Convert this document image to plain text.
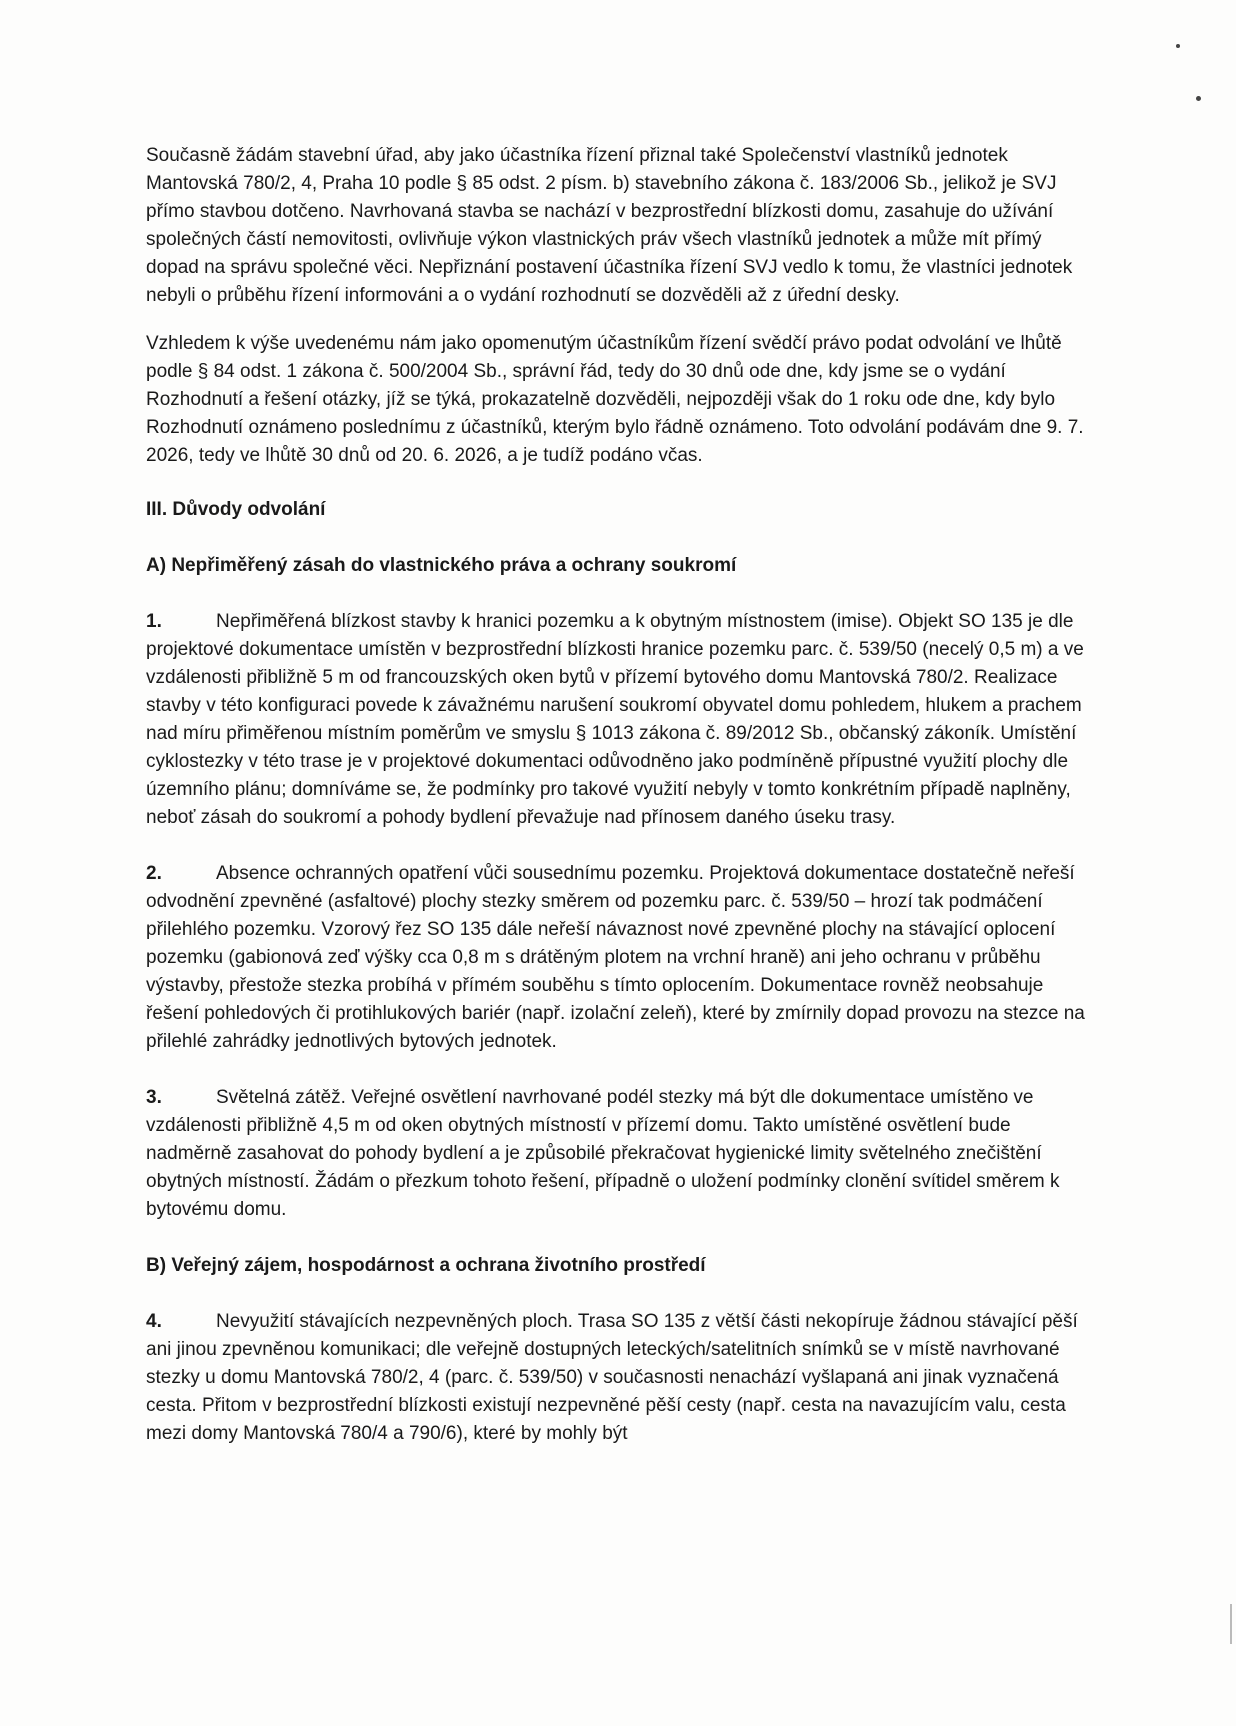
Současně žádám stavební úřad, aby jako účastníka řízení přiznal také Společenství vlastníků jednotek Mantovská 780/2, 4, Praha 10 podle § 85 odst. 2 písm. b) stavebního zákona č. 183/2006 Sb., jelikož je SVJ přímo stavbou dotčeno. Navrhovaná stavba se nachází v bezprostřední blízkosti domu, zasahuje do užívání společných částí nemovitosti, ovlivňuje výkon vlastnických práv všech vlastníků jednotek a může mít přímý dopad na správu společné věci. Nepřiznání postavení účastníka řízení SVJ vedlo k tomu, že vlastníci jednotek nebyli o průběhu řízení informováni a o vydání rozhodnutí se dozvěděli až z úřední desky.

Vzhledem k výše uvedenému nám jako opomenutým účastníkům řízení svědčí právo podat odvolání ve lhůtě podle § 84 odst. 1 zákona č. 500/2004 Sb., správní řád, tedy do 30 dnů ode dne, kdy jsme se o vydání Rozhodnutí a řešení otázky, jíž se týká, prokazatelně dozvěděli, nejpozději však do 1 roku ode dne, kdy bylo Rozhodnutí oznámeno poslednímu z účastníků, kterým bylo řádně oznámeno. Toto odvolání podávám dne 9. 7. 2026, tedy ve lhůtě 30 dnů od 20. 6. 2026, a je tudíž podáno včas.

III. Důvody odvolání

A) Nepřiměřený zásah do vlastnického práva a ochrany soukromí

1.	Nepřiměřená blízkost stavby k hranici pozemku a k obytným místnostem (imise). Objekt SO 135 je dle projektové dokumentace umístěn v bezprostřední blízkosti hranice pozemku parc. č. 539/50 (necelý 0,5 m) a ve vzdálenosti přibližně 5 m od francouzských oken bytů v přízemí bytového domu Mantovská 780/2. Realizace stavby v této konfiguraci povede k závažnému narušení soukromí obyvatel domu pohledem, hlukem a prachem nad míru přiměřenou místním poměrům ve smyslu § 1013 zákona č. 89/2012 Sb., občanský zákoník. Umístění cyklostezky v této trase je v projektové dokumentaci odůvodněno jako podmíněně přípustné využití plochy dle územního plánu; domníváme se, že podmínky pro takové využití nebyly v tomto konkrétním případě naplněny, neboť zásah do soukromí a pohody bydlení převažuje nad přínosem daného úseku trasy.

2.	Absence ochranných opatření vůči sousednímu pozemku. Projektová dokumentace dostatečně neřeší odvodnění zpevněné (asfaltové) plochy stezky směrem od pozemku parc. č. 539/50 – hrozí tak podmáčení přilehlého pozemku. Vzorový řez SO 135 dále neřeší návaznost nové zpevněné plochy na stávající oplocení pozemku (gabionová zeď výšky cca 0,8 m s drátěným plotem na vrchní hraně) ani jeho ochranu v průběhu výstavby, přestože stezka probíhá v přímém souběhu s tímto oplocením. Dokumentace rovněž neobsahuje řešení pohledových či protihlukových bariér (např. izolační zeleň), které by zmírnily dopad provozu na stezce na přilehlé zahrádky jednotlivých bytových jednotek.

3.	Světelná zátěž. Veřejné osvětlení navrhované podél stezky má být dle dokumentace umístěno ve vzdálenosti přibližně 4,5 m od oken obytných místností v přízemí domu. Takto umístěné osvětlení bude nadměrně zasahovat do pohody bydlení a je způsobilé překračovat hygienické limity světelného znečištění obytných místností. Žádám o přezkum tohoto řešení, případně o uložení podmínky clonění svítidel směrem k bytovému domu.

B) Veřejný zájem, hospodárnost a ochrana životního prostředí

4.	Nevyužití stávajících nezpevněných ploch. Trasa SO 135 z větší části nekopíruje žádnou stávající pěší ani jinou zpevněnou komunikaci; dle veřejně dostupných leteckých/satelitních snímků se v místě navrhované stezky u domu Mantovská 780/2, 4 (parc. č. 539/50) v současnosti nenachází vyšlapaná ani jinak vyznačená cesta. Přitom v bezprostřední blízkosti existují nezpevněné pěší cesty (např. cesta na navazujícím valu, cesta mezi domy Mantovská 780/4 a 790/6), které by mohly být
